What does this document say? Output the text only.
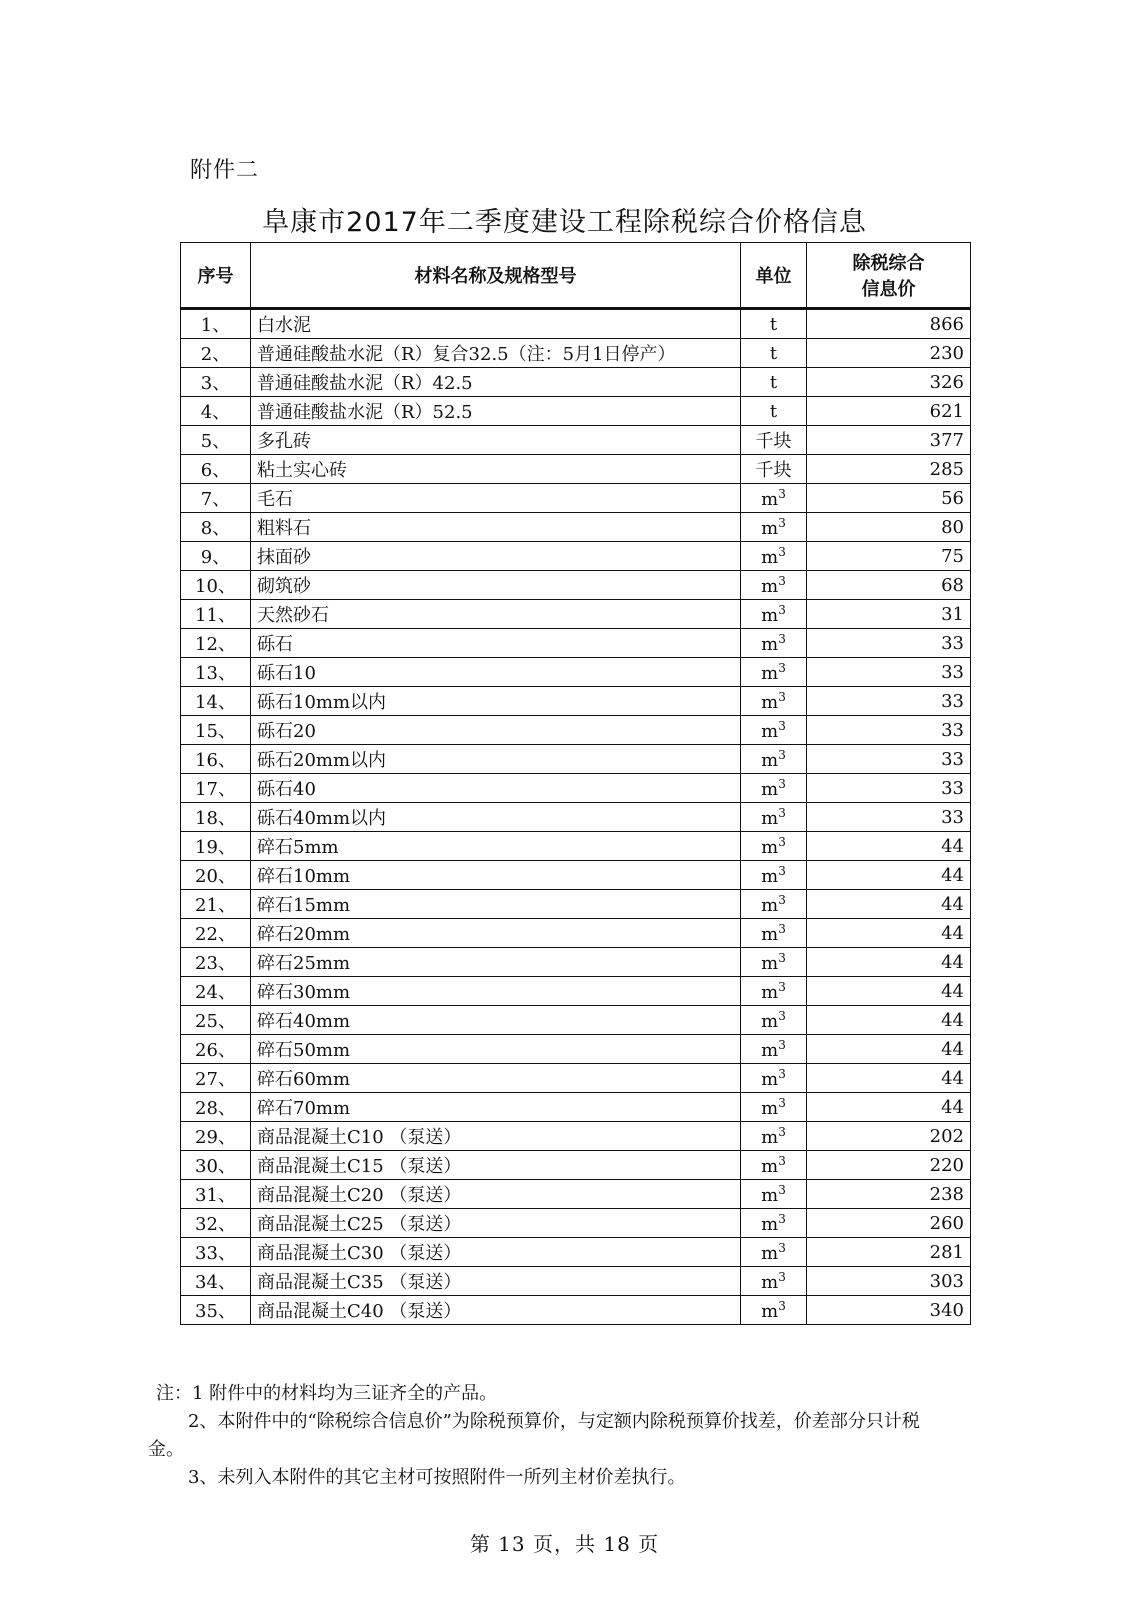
附件二
阜康市2017年二季度建设工程除税综合价格信息
序号	材料名称及规格型号	单位	除税综合
信息价

1、	白水泥	t	866
2、	普通硅酸盐水泥（R）复合32.5（注：5月1日停产）	t	230
3、	普通硅酸盐水泥（R）42.5	t	326
4、	普通硅酸盐水泥（R）52.5	t	621
5、	多孔砖	千块	377
6、	粘土实心砖	千块	285
7、	毛石	$m^3$	56
8、	粗料石	$m^3$	80
9、	抹面砂	$m^3$	75
10、	砌筑砂	$m^3$	68
11、	天然砂石	$m^3$	31
12、	砾石	$m^3$	33
13、	砾石10	$m^3$	33
14、	砾石10mm以内	$m^3$	33
15、	砾石20	$m^3$	33
16、	砾石20mm以内	$m^3$	33
17、	砾石40	$m^3$	33
18、	砾石40mm以内	$m^3$	33
19、	碎石5mm	$m^3$	44
20、	碎石10mm	$m^3$	44
21、	碎石15mm	$m^3$	44
22、	碎石20mm	$m^3$	44
23、	碎石25mm	$m^3$	44
24、	碎石30mm	$m^3$	44
25、	碎石40mm	$m^3$	44
26、	碎石50mm	$m^3$	44
27、	碎石60mm	$m^3$	44
28、	碎石70mm	$m^3$	44
29、	商品混凝土C10 （泵送）	$m^3$	202
30、	商品混凝土C15 （泵送）	$m^3$	220
31、	商品混凝土C20 （泵送）	$m^3$	238
32、	商品混凝土C25 （泵送）	$m^3$	260
33、	商品混凝土C30 （泵送）	$m^3$	281
34、	商品混凝土C35 （泵送）	$m^3$	303
35、	商品混凝土C40 （泵送）	$m^3$	340

注：1 附件中的材料均为三证齐全的产品。

2、本附件中的“除税综合信息价”为除税预算价，与定额内除税预算价找差，价差部分只计税金。

3、未列入本附件的其它主材可按照附件一所列主材价差执行。

第 13 页，共 18 页
